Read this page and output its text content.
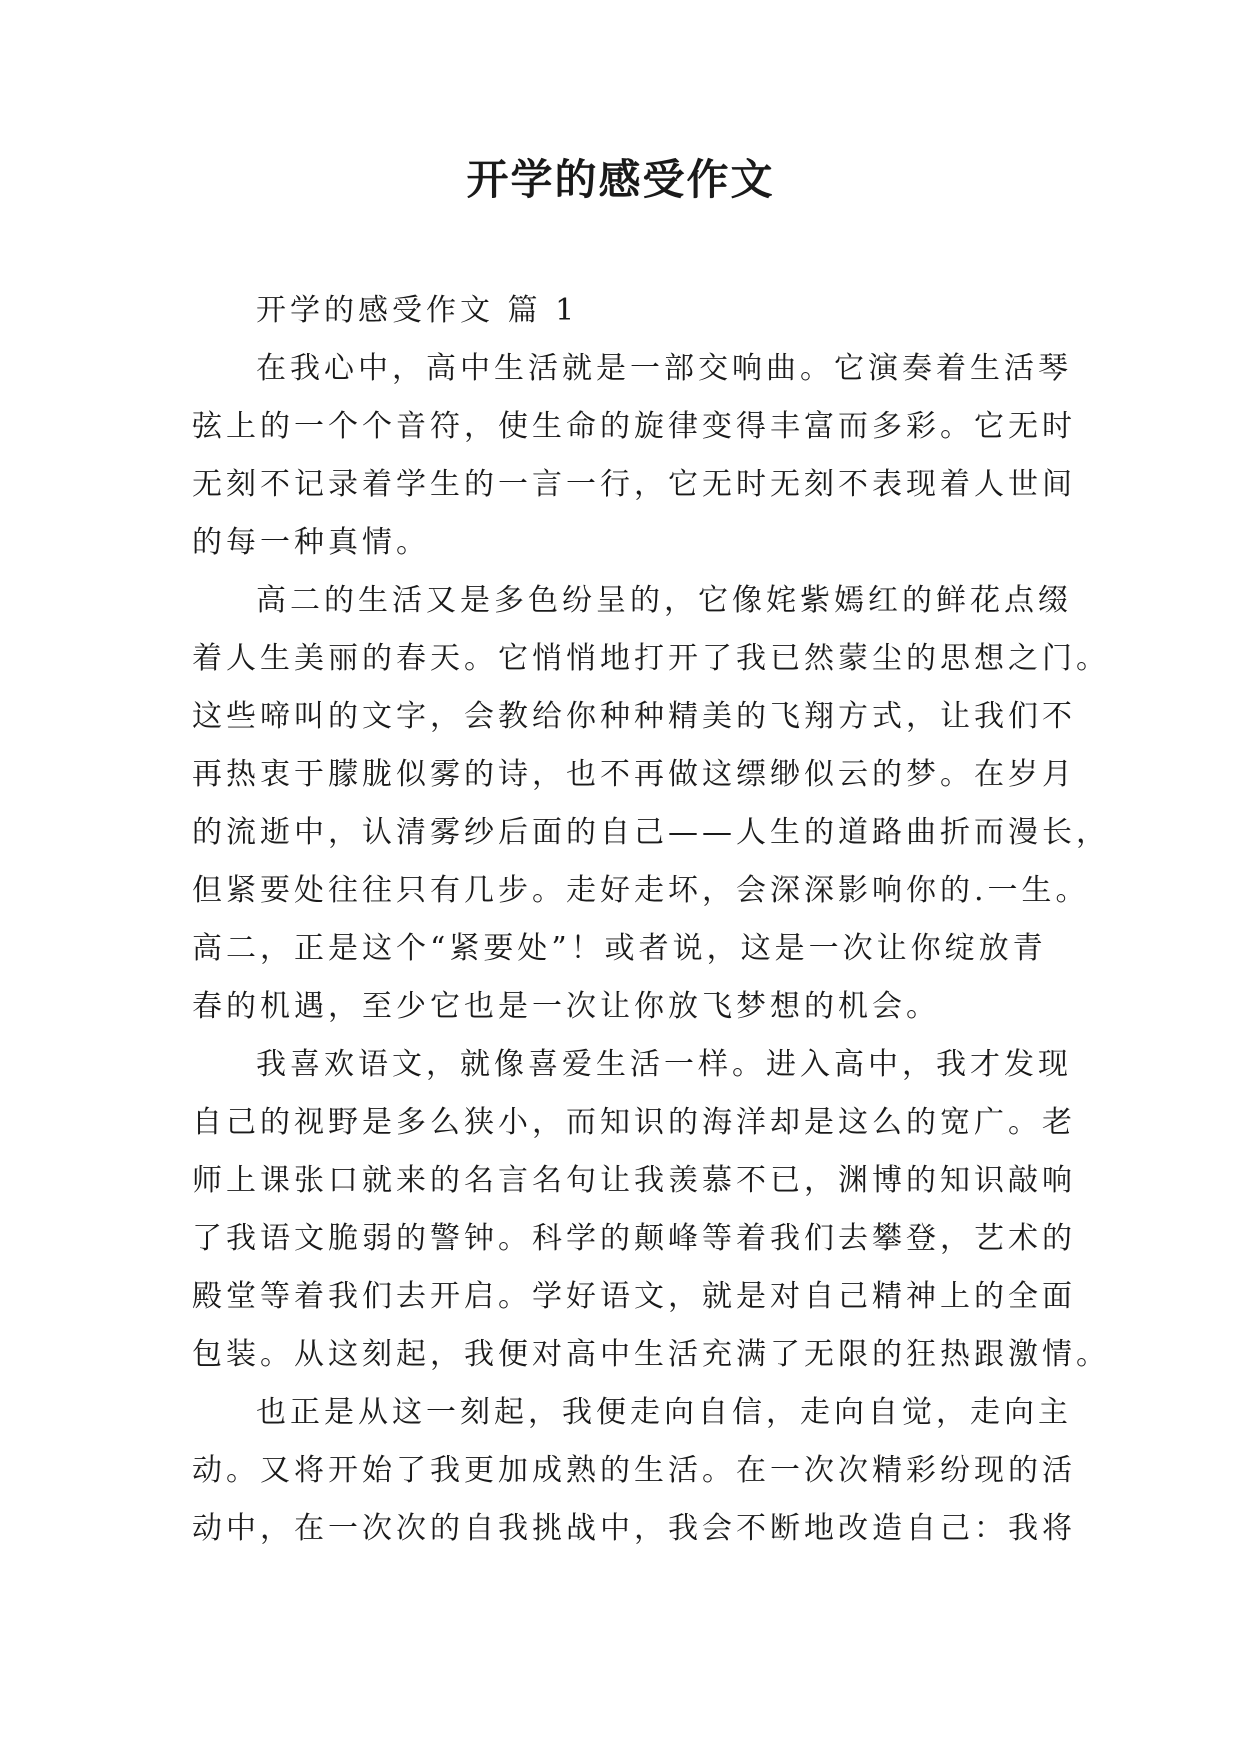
开学的感受作文
开学的感受作文 篇 1
在我心中，高中生活就是一部交响曲。它演奏着生活琴
弦上的一个个音符，使生命的旋律变得丰富而多彩。它无时
无刻不记录着学生的一言一行，它无时无刻不表现着人世间
的每一种真情。
高二的生活又是多色纷呈的，它像姹紫嫣红的鲜花点缀
着人生美丽的春天。它悄悄地打开了我已然蒙尘的思想之门。
这些啼叫的文字，会教给你种种精美的飞翔方式，让我们不
再热衷于朦胧似雾的诗，也不再做这缥缈似云的梦。在岁月
的流逝中，认清雾纱后面的自己——人生的道路曲折而漫长，
但紧要处往往只有几步。走好走坏，会深深影响你的.一生。
高二，正是这个“紧要处”！或者说，这是一次让你绽放青
春的机遇，至少它也是一次让你放飞梦想的机会。
我喜欢语文，就像喜爱生活一样。进入高中，我才发现
自己的视野是多么狭小，而知识的海洋却是这么的宽广。老
师上课张口就来的名言名句让我羡慕不已，渊博的知识敲响
了我语文脆弱的警钟。科学的颠峰等着我们去攀登，艺术的
殿堂等着我们去开启。学好语文，就是对自己精神上的全面
包装。从这刻起，我便对高中生活充满了无限的狂热跟激情。
也正是从这一刻起，我便走向自信，走向自觉，走向主
动。又将开始了我更加成熟的生活。在一次次精彩纷现的活
动中，在一次次的自我挑战中，我会不断地改造自己：我将
